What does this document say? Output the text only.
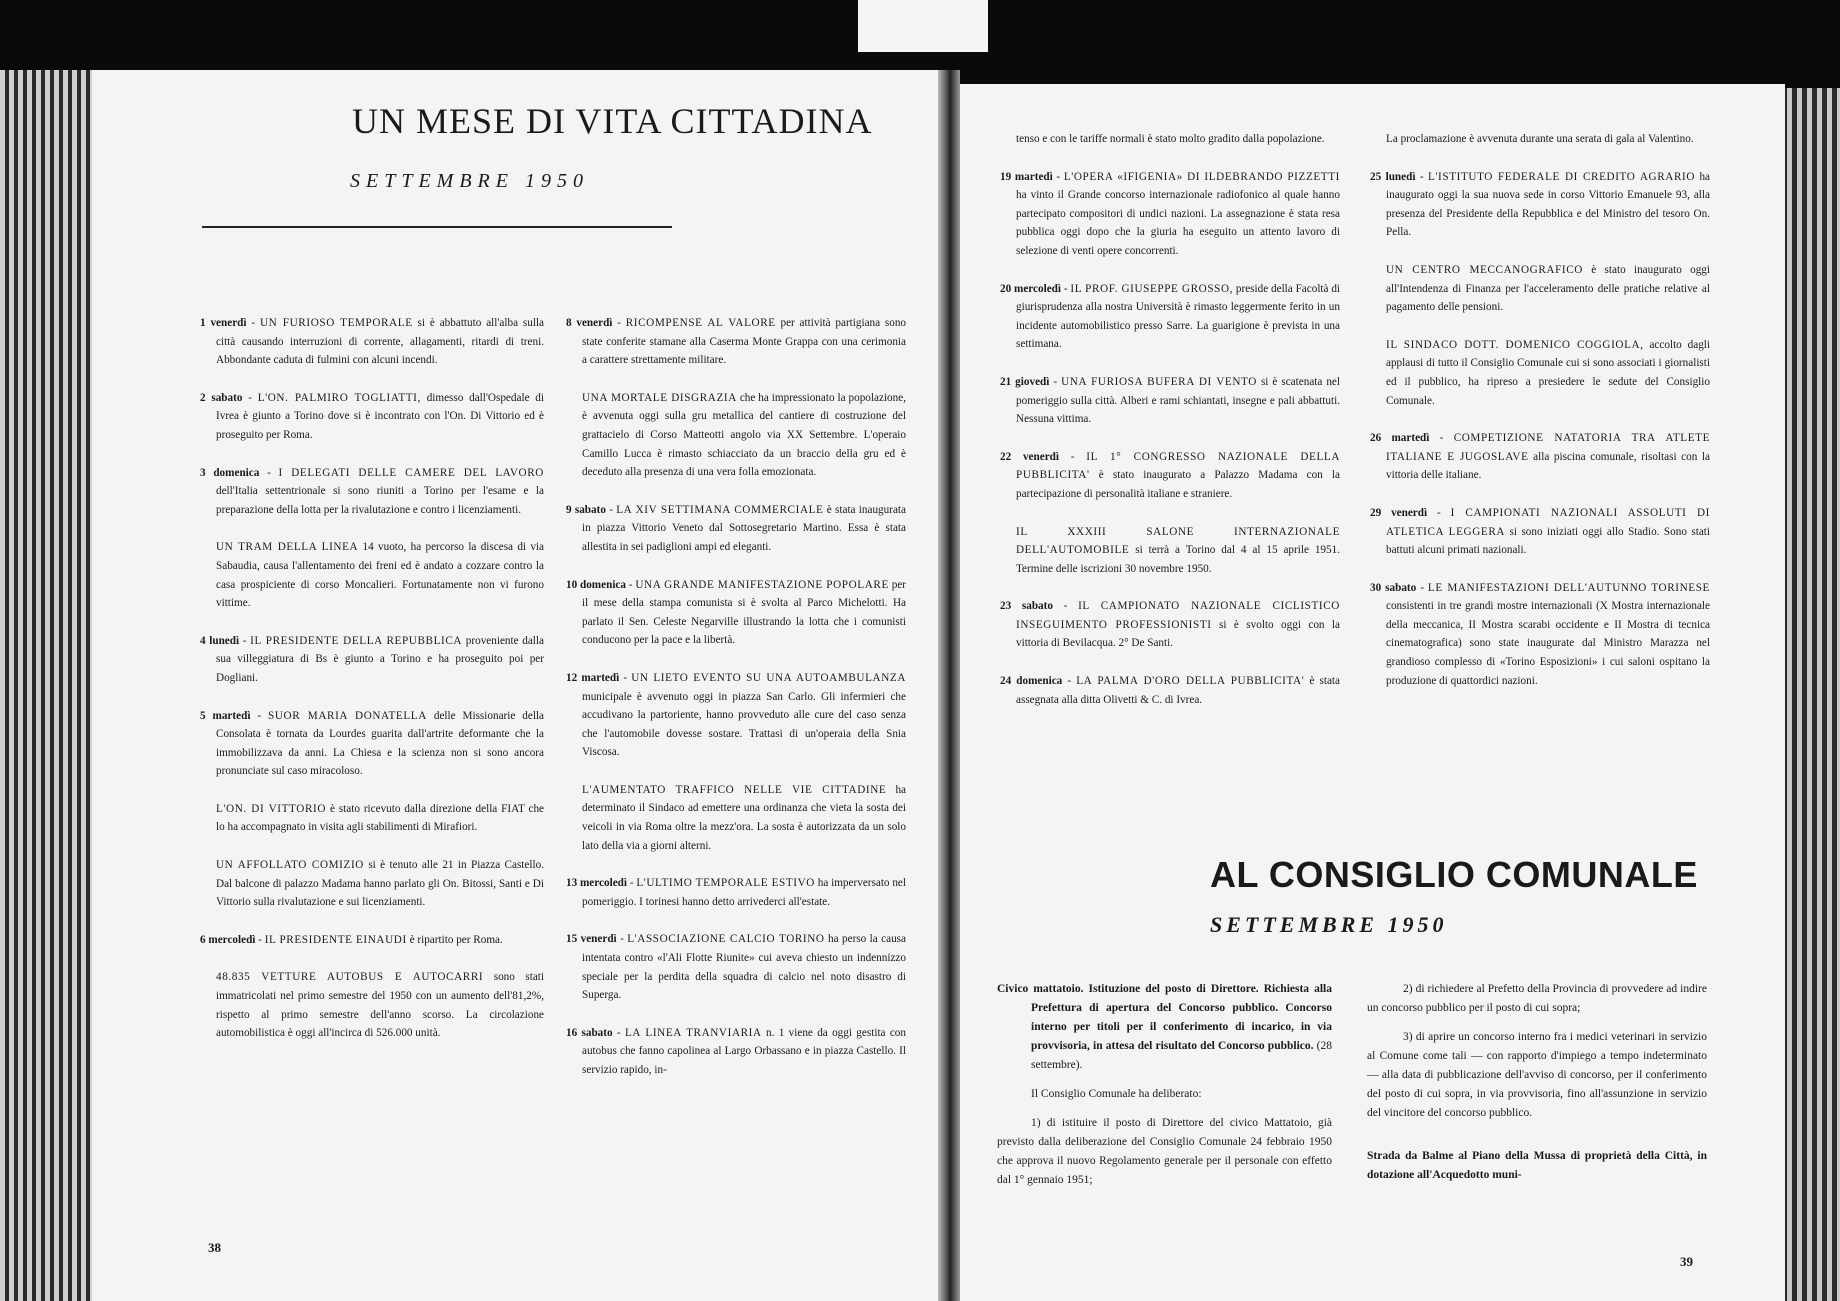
UN MESE DI VITA CITTADINA
SETTEMBRE 1950

1 venerdì - UN FURIOSO TEMPORALE si è abbattuto all'alba sulla città causando interruzioni di corrente, allagamenti, ritardi di treni. Abbondante caduta di fulmini con alcuni incendi.

2 sabato - L'ON. PALMIRO TOGLIATTI, dimesso dall'Ospedale di Ivrea è giunto a Torino dove si è incontrato con l'On. Di Vittorio ed è proseguito per Roma.

3 domenica - I DELEGATI DELLE CAMERE DEL LAVORO dell'Italia settentrionale si sono riuniti a Torino per l'esame e la preparazione della lotta per la rivalutazione e contro i licenziamenti.

UN TRAM DELLA LINEA 14 vuoto, ha percorso la discesa di via Sabaudia, causa l'allentamento dei freni ed è andato a cozzare contro la casa prospiciente di corso Moncalieri. Fortunatamente non vi furono vittime.

4 lunedì - IL PRESIDENTE DELLA REPUBBLICA proveniente dalla sua villeggiatura di Bs è giunto a Torino e ha proseguito poi per Dogliani.

5 martedì - SUOR MARIA DONATELLA delle Missionarie della Consolata è tornata da Lourdes guarita dall'artrite deformante che la immobilizzava da anni. La Chiesa e la scienza non si sono ancora pronunciate sul caso miracoloso.

L'ON. DI VITTORIO è stato ricevuto dalla direzione della FIAT che lo ha accompagnato in visita agli stabilimenti di Mirafiori.

UN AFFOLLATO COMIZIO si è tenuto alle 21 in Piazza Castello. Dal balcone di palazzo Madama hanno parlato gli On. Bitossi, Santi e Di Vittorio sulla rivalutazione e sui licenziamenti.

6 mercoledì - IL PRESIDENTE EINAUDI è ripartito per Roma.

48.835 VETTURE AUTOBUS E AUTOCARRI sono stati immatricolati nel primo semestre del 1950 con un aumento dell'81,2%, rispetto al primo semestre dell'anno scorso. La circolazione automobilistica è oggi all'incirca di 526.000 unità.

8 venerdì - RICOMPENSE AL VALORE per attività partigiana sono state conferite stamane alla Caserma Monte Grappa con una cerimonia a carattere strettamente militare.

UNA MORTALE DISGRAZIA che ha impressionato la popolazione, è avvenuta oggi sulla gru metallica del cantiere di costruzione del grattacielo di Corso Matteotti angolo via XX Settembre. L'operaio Camillo Lucca è rimasto schiacciato da un braccio della gru ed è deceduto alla presenza di una vera folla emozionata.

9 sabato - LA XIV SETTIMANA COMMERCIALE è stata inaugurata in piazza Vittorio Veneto dal Sottosegretario Martino. Essa è stata allestita in sei padiglioni ampi ed eleganti.

10 domenica - UNA GRANDE MANIFESTAZIONE POPOLARE per il mese della stampa comunista si è svolta al Parco Michelotti. Ha parlato il Sen. Celeste Negarville illustrando la lotta che i comunisti conducono per la pace e la libertà.

12 martedì - UN LIETO EVENTO SU UNA AUTOAMBULANZA municipale è avvenuto oggi in piazza San Carlo. Gli infermieri che accudivano la partoriente, hanno provveduto alle cure del caso senza che l'automobile dovesse sostare. Trattasi di un'operaia della Snia Viscosa.

L'AUMENTATO TRAFFICO NELLE VIE CITTADINE ha determinato il Sindaco ad emettere una ordinanza che vieta la sosta dei veicoli in via Roma oltre la mezz'ora. La sosta è autorizzata da un solo lato della via a giorni alterni.

13 mercoledì - L'ULTIMO TEMPORALE ESTIVO ha imperversato nel pomeriggio. I torinesi hanno detto arrivederci all'estate.

15 venerdì - L'ASSOCIAZIONE CALCIO TORINO ha perso la causa intentata contro «l'Ali Flotte Riunite» cui aveva chiesto un indennizzo speciale per la perdita della squadra di calcio nel noto disastro di Superga.

16 sabato - LA LINEA TRANVIARIA n. 1 viene da oggi gestita con autobus che fanno capolinea al Largo Orbassano e in piazza Castello. Il servizio rapido, in-

38

tenso e con le tariffe normali è stato molto gradito dalla popolazione.

19 martedì - L'OPERA «IFIGENIA» DI ILDEBRANDO PIZZETTI ha vinto il Grande concorso internazionale radiofonico al quale hanno partecipato compositori di undici nazioni. La assegnazione è stata resa pubblica oggi dopo che la giuria ha eseguito un attento lavoro di selezione di venti opere concorrenti.

20 mercoledì - IL PROF. GIUSEPPE GROSSO, preside della Facoltà di giurisprudenza alla nostra Università è rimasto leggermente ferito in un incidente automobilistico presso Sarre. La guarigione è prevista in una settimana.

21 giovedì - UNA FURIOSA BUFERA DI VENTO si è scatenata nel pomeriggio sulla città. Alberi e rami schiantati, insegne e pali abbattuti. Nessuna vittima.

22 venerdì - IL 1° CONGRESSO NAZIONALE DELLA PUBBLICITA' è stato inaugurato a Palazzo Madama con la partecipazione di personalità italiane e straniere.

IL XXXIII SALONE INTERNAZIONALE DELL'AUTOMOBILE si terrà a Torino dal 4 al 15 aprile 1951. Termine delle iscrizioni 30 novembre 1950.

23 sabato - IL CAMPIONATO NAZIONALE CICLISTICO INSEGUIMENTO PROFESSIONISTI si è svolto oggi con la vittoria di Bevilacqua. 2° De Santi.

24 domenica - LA PALMA D'ORO DELLA PUBBLICITA' è stata assegnata alla ditta Olivetti & C. di Ivrea.

La proclamazione è avvenuta durante una serata di gala al Valentino.

25 lunedì - L'ISTITUTO FEDERALE DI CREDITO AGRARIO ha inaugurato oggi la sua nuova sede in corso Vittorio Emanuele 93, alla presenza del Presidente della Repubblica e del Ministro del tesoro On. Pella.

UN CENTRO MECCANOGRAFICO è stato inaugurato oggi all'Intendenza di Finanza per l'acceleramento delle pratiche relative al pagamento delle pensioni.

IL SINDACO DOTT. DOMENICO COGGIOLA, accolto dagli applausi di tutto il Consiglio Comunale cui si sono associati i giornalisti ed il pubblico, ha ripreso a presiedere le sedute del Consiglio Comunale.

26 martedì - COMPETIZIONE NATATORIA TRA ATLETE ITALIANE E JUGOSLAVE alla piscina comunale, risoltasi con la vittoria delle italiane.

29 venerdì - I CAMPIONATI NAZIONALI ASSOLUTI DI ATLETICA LEGGERA si sono iniziati oggi allo Stadio. Sono stati battuti alcuni primati nazionali.

30 sabato - LE MANIFESTAZIONI DELL'AUTUNNO TORINESE consistenti in tre grandi mostre internazionali (X Mostra internazionale della meccanica, II Mostra scarabi occidente e II Mostra di tecnica cinematografica) sono state inaugurate dal Ministro Marazza nel grandioso complesso di «Torino Esposizioni» i cui saloni ospitano la produzione di quattordici nazioni.

AL CONSIGLIO COMUNALE
SETTEMBRE 1950

Civico mattatoio. Istituzione del posto di Direttore. Richiesta alla Prefettura di apertura del Concorso pubblico. Concorso interno per titoli per il conferimento di incarico, in via provvisoria, in attesa del risultato del Concorso pubblico. (28 settembre).

Il Consiglio Comunale ha deliberato:

1) di istituire il posto di Direttore del civico Mattatoio, già previsto dalla deliberazione del Consiglio Comunale 24 febbraio 1950 che approva il nuovo Regolamento generale per il personale con effetto dal 1° gennaio 1951;

2) di richiedere al Prefetto della Provincia di provvedere ad indire un concorso pubblico per il posto di cui sopra;

3) di aprire un concorso interno fra i medici veterinari in servizio al Comune come tali — con rapporto d'impiego a tempo indeterminato — alla data di pubblicazione dell'avviso di concorso, per il conferimento del posto di cui sopra, in via provvisoria, fino all'assunzione in servizio del vincitore del concorso pubblico.

Strada da Balme al Piano della Mussa di proprietà della Città, in dotazione all'Acquedotto muni-

39
